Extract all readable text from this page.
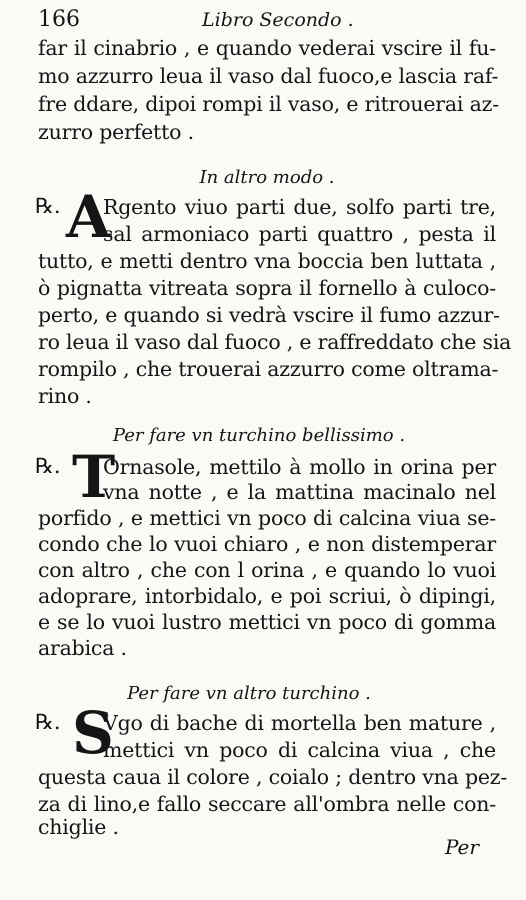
166	Libro Secondo .
far il cinabrio , e quando vederai vscire il fu-
mo azzurro leua il vaso dal fuoco,e lascia raf-
fre ddare, dipoi rompi il vaso, e ritrouerai az-
zurro perfetto .
In altro modo .
℞. A
Rgento viuo parti due, solfo parti tre,
sal armoniaco parti quattro , pesta il
tutto, e metti dentro vna boccia ben luttata ,
ò pignatta vitreata sopra il fornello à culoco-
perto, e quando si vedrà vscire il fumo azzur-
ro leua il vaso dal fuoco , e raffreddato che sia
rompilo , che trouerai azzurro come oltrama-
rino .
Per fare vn turchino bellissimo .
℞. T
Ornasole, mettilo à mollo in orina per
vna notte , e la mattina macinalo nel
porfido , e mettici vn poco di calcina viua se-
condo che lo vuoi chiaro , e non distemperar
con altro , che con l orina , e quando lo vuoi
adoprare, intorbidalo, e poi scriui, ò dipingi,
e se lo vuoi lustro mettici vn poco di gomma
arabica .
Per fare vn altro turchino .
℞. S
Vgo di bache di mortella ben mature ,
mettici vn poco di calcina viua , che
questa caua il colore , coialo ; dentro vna pez-
za di lino,e fallo seccare all'ombra nelle con-
chiglie .
Per
